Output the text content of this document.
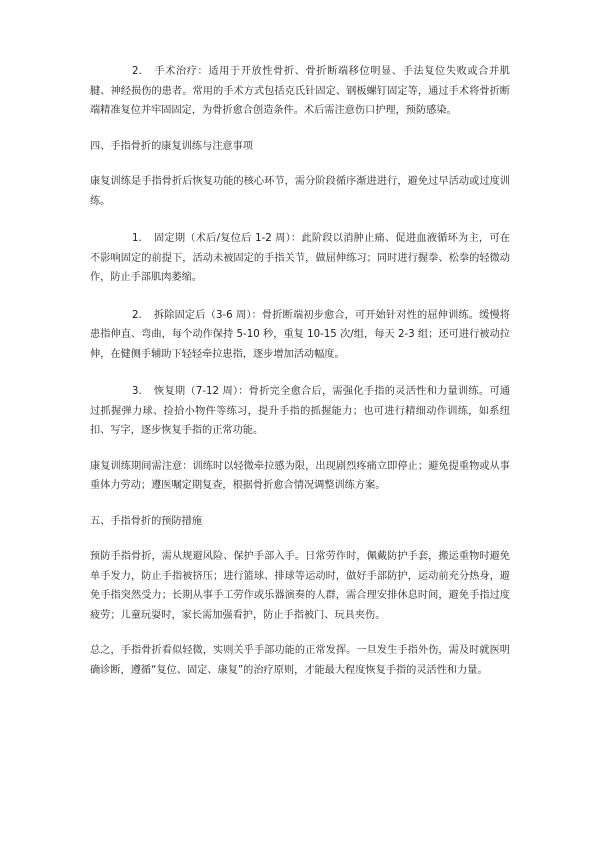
2. 手术治疗：适用于开放性骨折、骨折断端移位明显、手法复位失败或合并肌腱、神经损伤的患者。常用的手术方式包括克氏针固定、钢板螺钉固定等，通过手术将骨折断端精准复位并牢固固定，为骨折愈合创造条件。术后需注意伤口护理，预防感染。

四、手指骨折的康复训练与注意事项

康复训练是手指骨折后恢复功能的核心环节，需分阶段循序渐进进行，避免过早活动或过度训练。

1. 固定期（术后/复位后 1-2 周）：此阶段以消肿止痛、促进血液循环为主，可在不影响固定的前提下，活动未被固定的手指关节，做屈伸练习；同时进行握拳、松拳的轻微动作，防止手部肌肉萎缩。

2. 拆除固定后（3-6 周）：骨折断端初步愈合，可开始针对性的屈伸训练。缓慢将患指伸直、弯曲，每个动作保持 5-10 秒，重复 10-15 次/组，每天 2-3 组；还可进行被动拉伸，在健侧手辅助下轻轻牵拉患指，逐步增加活动幅度。

3. 恢复期（7-12 周）：骨折完全愈合后，需强化手指的灵活性和力量训练。可通过抓握弹力球、捡拾小物件等练习，提升手指的抓握能力；也可进行精细动作训练，如系纽扣、写字，逐步恢复手指的正常功能。

康复训练期间需注意：训练时以轻微牵拉感为限，出现剧烈疼痛立即停止；避免提重物或从事重体力劳动；遵医嘱定期复查，根据骨折愈合情况调整训练方案。

五、手指骨折的预防措施

预防手指骨折，需从规避风险、保护手部入手。日常劳作时，佩戴防护手套，搬运重物时避免单手发力，防止手指被挤压；进行篮球、排球等运动时，做好手部防护，运动前充分热身，避免手指突然受力；长期从事手工劳作或乐器演奏的人群，需合理安排休息时间，避免手指过度疲劳；儿童玩耍时，家长需加强看护，防止手指被门、玩具夹伤。

总之，手指骨折看似轻微，实则关乎手部功能的正常发挥。一旦发生手指外伤，需及时就医明确诊断，遵循“复位、固定、康复”的治疗原则，才能最大程度恢复手指的灵活性和力量。
